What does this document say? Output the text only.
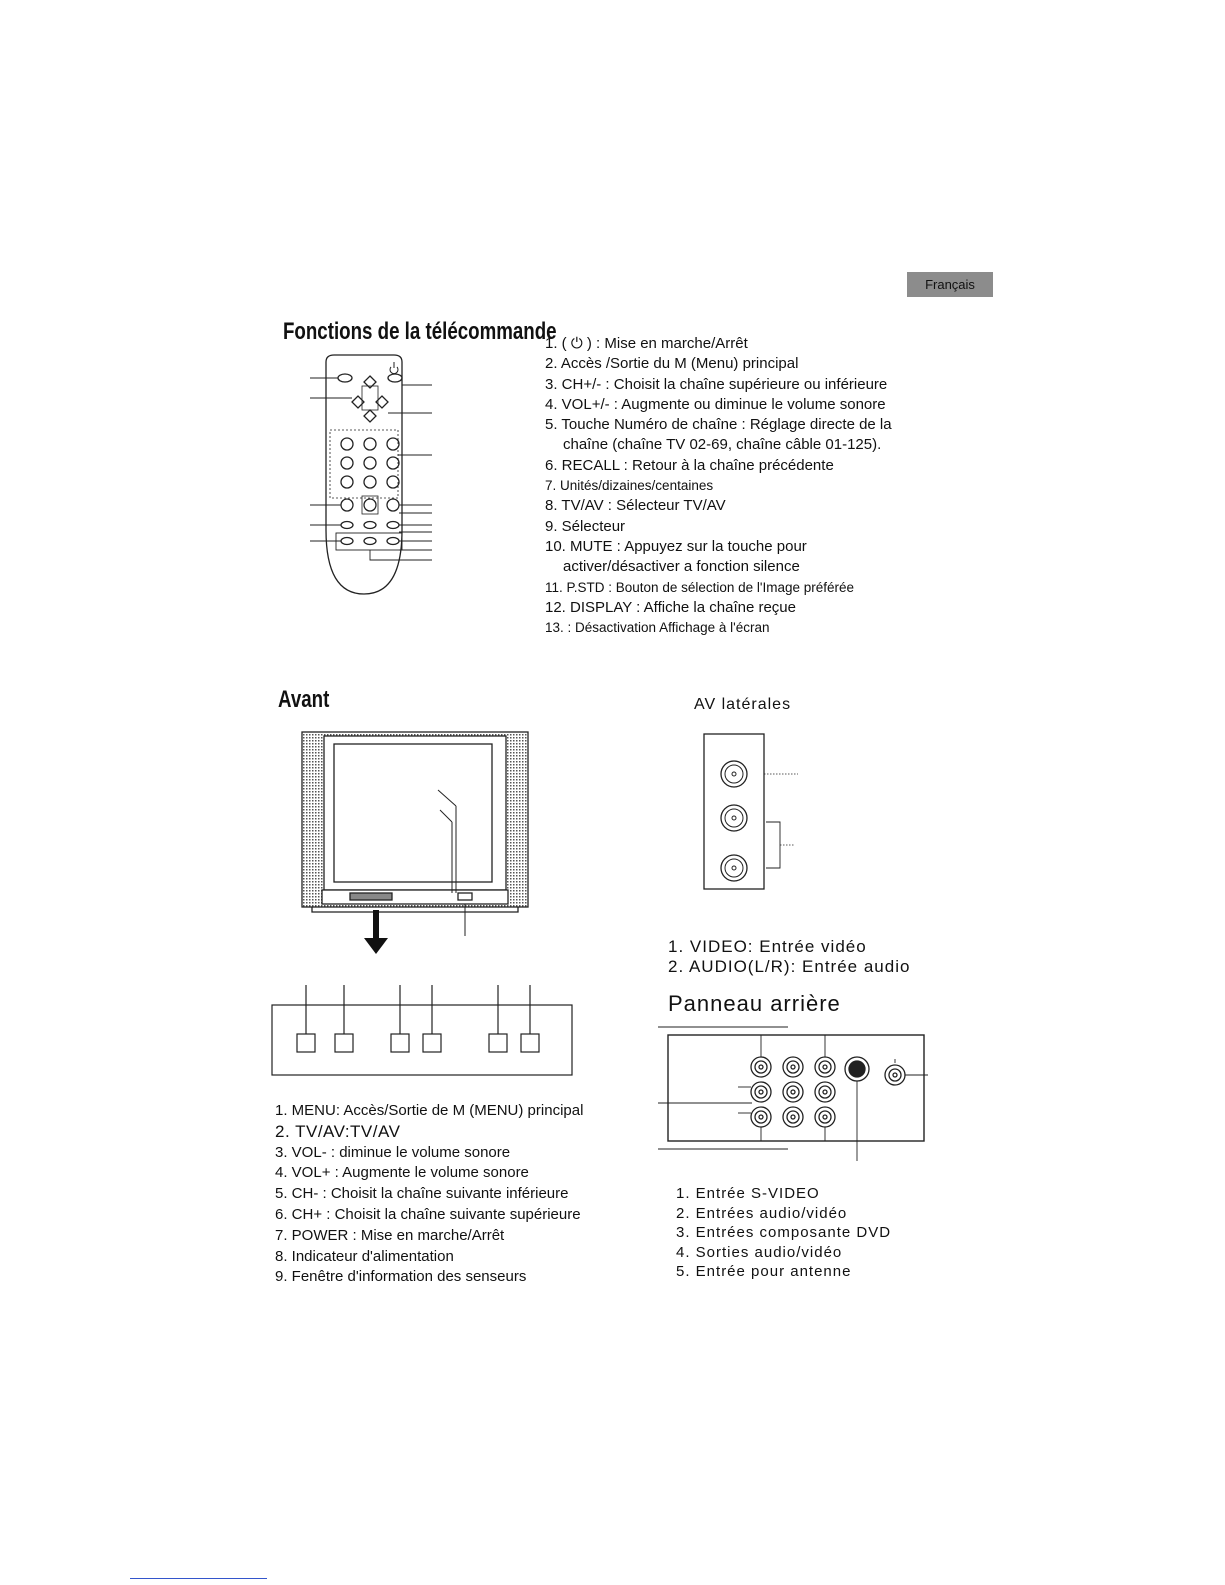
Français
Fonctions de la télécommande
1. ( ⏻ ) : Mise en marche/Arrêt
2. Accès /Sortie du M (Menu) principal
3. CH+/- : Choisit la chaîne supérieure ou inférieure
4. VOL+/- : Augmente ou diminue le volume sonore
5. Touche Numéro de chaîne : Réglage directe de la
chaîne (chaîne TV 02-69, chaîne câble 01-125).
6. RECALL : Retour à la chaîne précédente
7. Unités/dizaines/centaines
8. TV/AV : Sélecteur TV/AV
9. Sélecteur
10. MUTE : Appuyez sur la touche pour
activer/désactiver a fonction silence
11. P.STD : Bouton de sélection de l'Image préférée
12. DISPLAY : Affiche la chaîne reçue
13. : Désactivation Affichage à l'écran
Avant
1. MENU: Accès/Sortie de M (MENU) principal
2. TV/AV:TV/AV
3. VOL- : diminue le volume sonore
4. VOL+ : Augmente le volume sonore
5. CH- : Choisit la chaîne suivante inférieure
6. CH+ : Choisit la chaîne suivante supérieure
7. POWER : Mise en marche/Arrêt
8. Indicateur d'alimentation
9. Fenêtre d'information des senseurs
AV latérales
1. VIDEO: Entrée vidéo
2. AUDIO(L/R): Entrée audio
Panneau arrière
1. Entrée S-VIDEO
2. Entrées audio/vidéo
3. Entrées composante DVD
4. Sorties audio/vidéo
5. Entrée pour antenne
